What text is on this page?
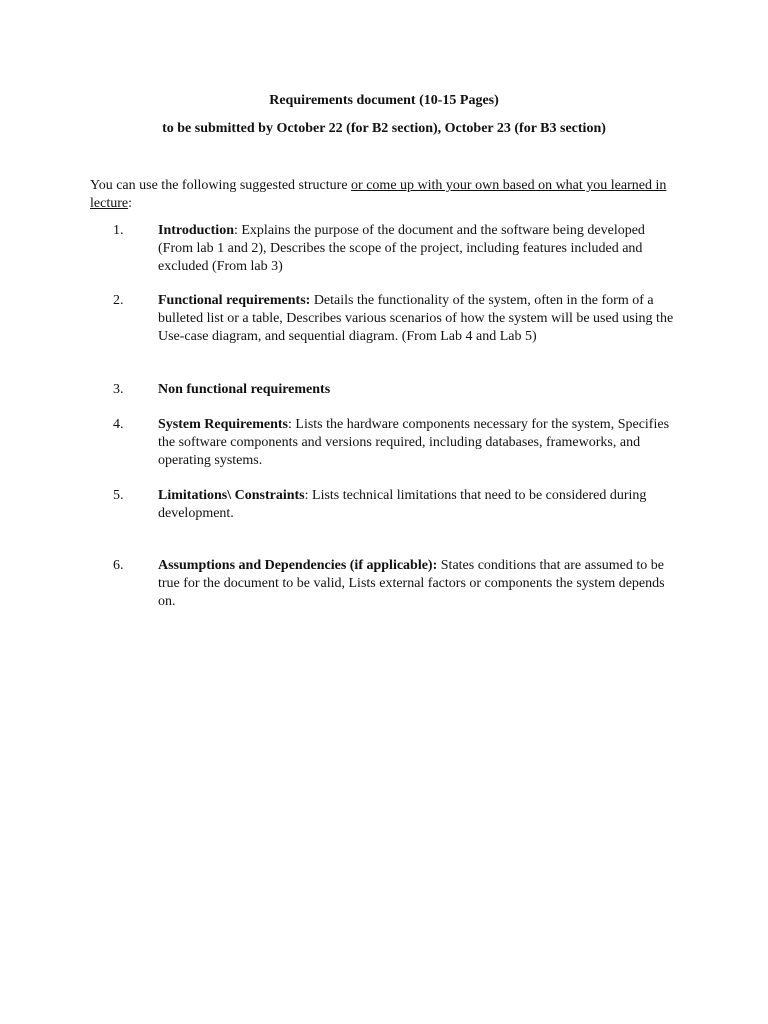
Requirements document (10-15 Pages)

to be submitted by October 22 (for B2 section), October 23 (for B3 section)

You can use the following suggested structure or come up with your own based on what you learned in lecture:

1. Introduction: Explains the purpose of the document and the software being developed (From lab 1 and 2), Describes the scope of the project, including features included and excluded (From lab 3)

2. Functional requirements: Details the functionality of the system, often in the form of a bulleted list or a table, Describes various scenarios of how the system will be used using the Use-case diagram, and sequential diagram. (From Lab 4 and Lab 5)

3. Non functional requirements

4. System Requirements: Lists the hardware components necessary for the system, Specifies the software components and versions required, including databases, frameworks, and operating systems.

5. Limitations\ Constraints: Lists technical limitations that need to be considered during development.

6. Assumptions and Dependencies (if applicable): States conditions that are assumed to be true for the document to be valid, Lists external factors or components the system depends on.
